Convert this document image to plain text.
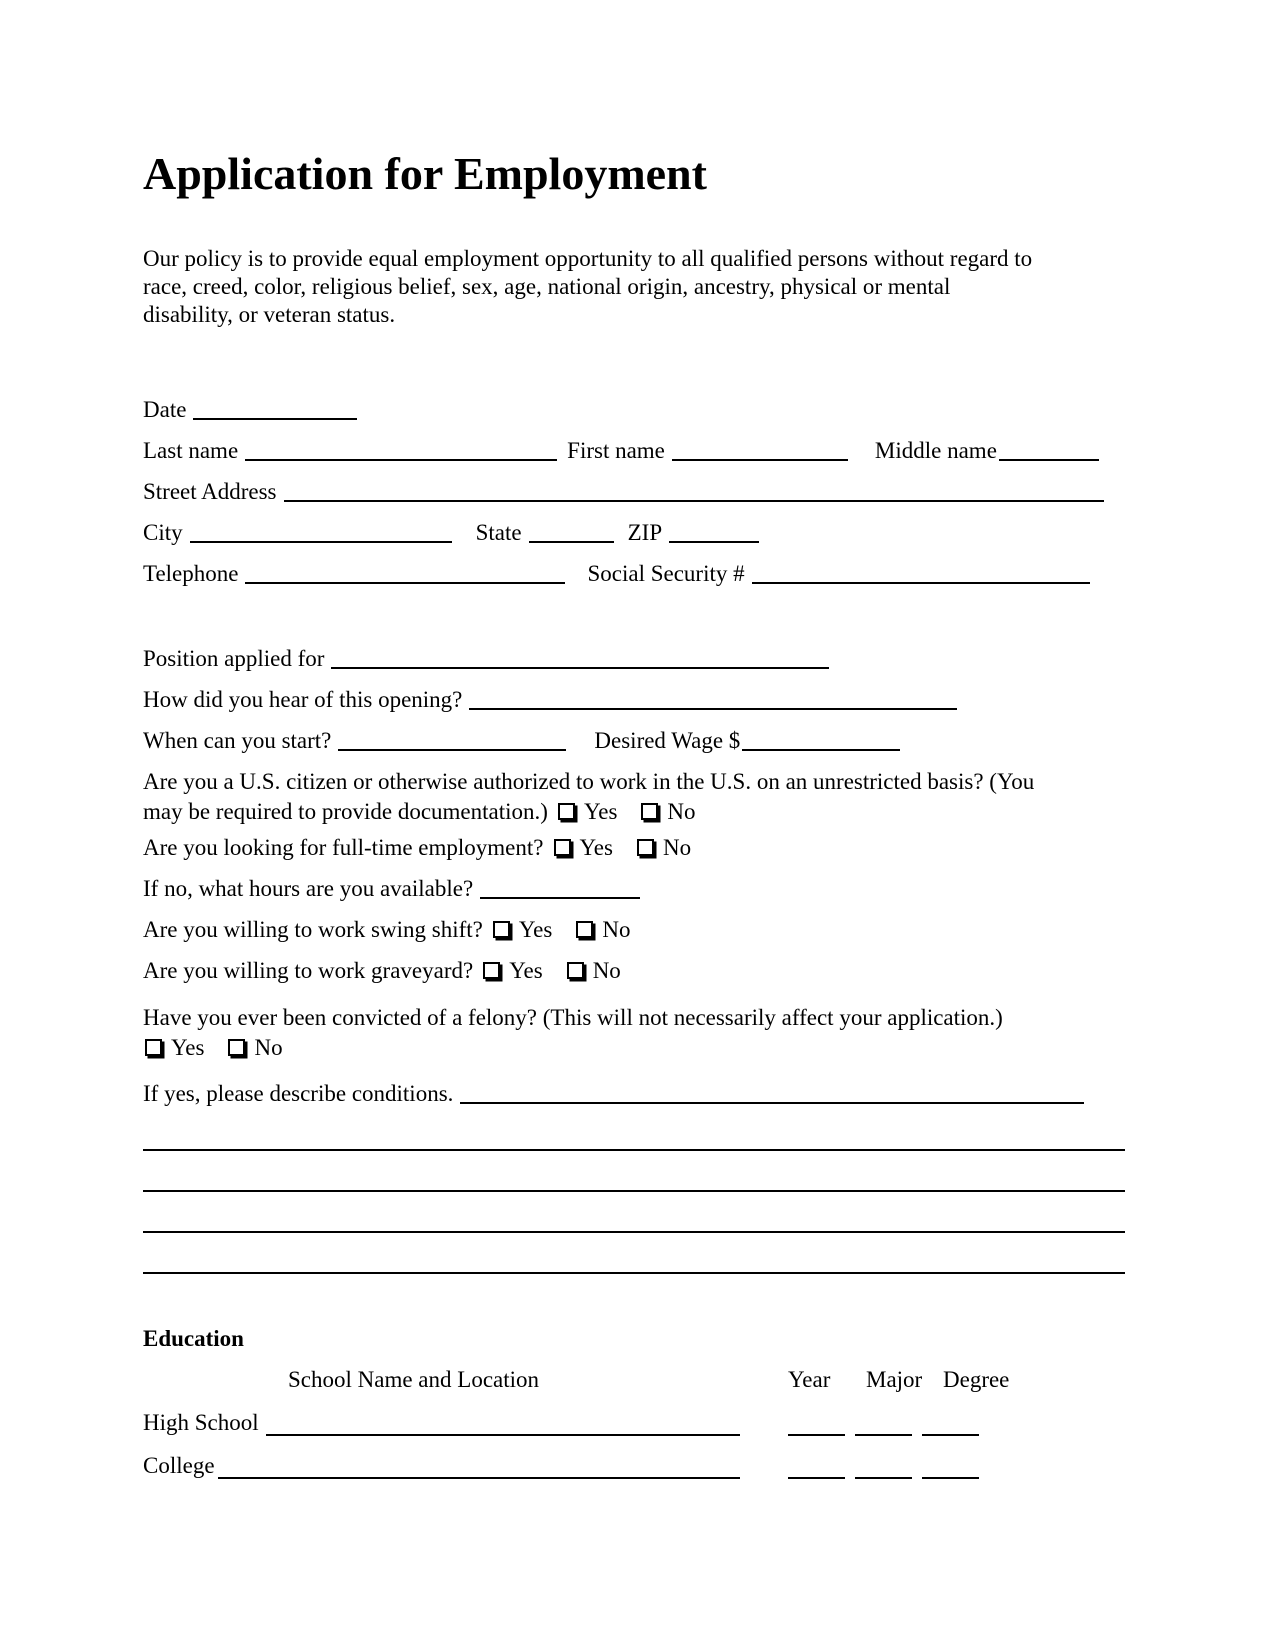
Application for Employment
Our policy is to provide equal employment opportunity to all qualified persons without regard to
race, creed, color, religious belief, sex, age, national origin, ancestry, physical or mental
disability, or veteran status.
Date
Last name	First name	Middle name
Street Address
City	State	ZIP
Telephone	Social Security #
Position applied for
How did you hear of this opening?
When can you start?	Desired Wage $
Are you a U.S. citizen or otherwise authorized to work in the U.S. on an unrestricted basis? (You
may be required to provide documentation.) Yes No
Are you looking for full-time employment? Yes No
If no, what hours are you available?
Are you willing to work swing shift? Yes No
Are you willing to work graveyard? Yes No
Have you ever been convicted of a felony? (This will not necessarily affect your application.)
Yes No
If yes, please describe conditions.
Education
School Name and Location	Year Major Degree
High School
College
